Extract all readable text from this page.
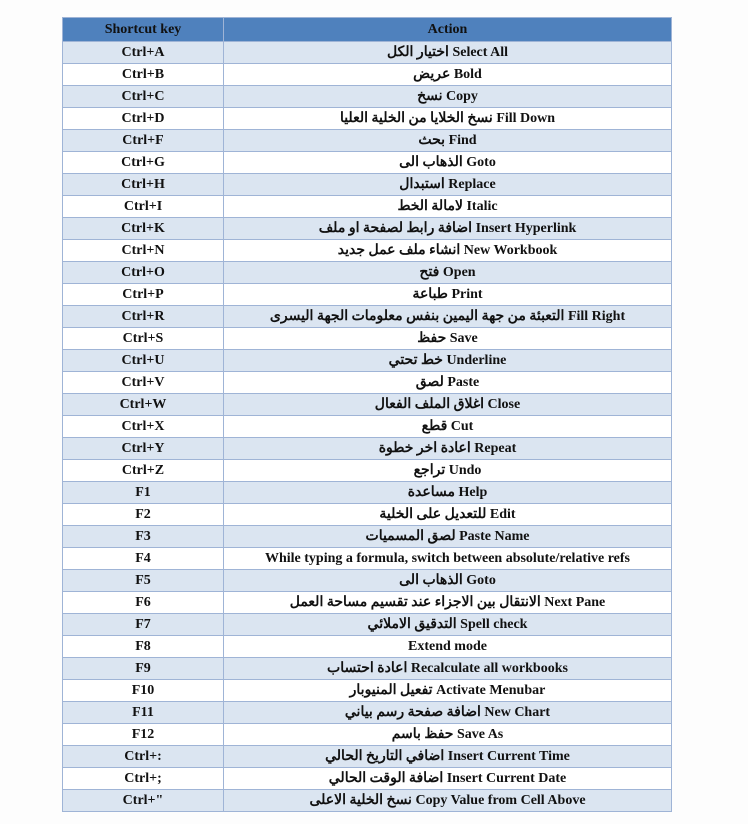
Shortcut key	Action
Ctrl+A	اختيار الكل Select All
Ctrl+B	عريض Bold
Ctrl+C	نسخ Copy
Ctrl+D	نسخ الخلايا من الخلية العليا Fill Down
Ctrl+F	بحث Find
Ctrl+G	الذهاب الى Goto
Ctrl+H	استبدال Replace
Ctrl+I	لامالة الخط Italic
Ctrl+K	اضافة رابط لصفحة او ملف Insert Hyperlink
Ctrl+N	انشاء ملف عمل جديد New Workbook
Ctrl+O	فتح Open
Ctrl+P	طباعة Print
Ctrl+R	التعبئة من جهة اليمين بنفس معلومات الجهة اليسرى Fill Right
Ctrl+S	حفظ Save
Ctrl+U	خط تحتي Underline
Ctrl+V	لصق Paste
Ctrl+W	اغلاق الملف الفعال Close
Ctrl+X	قطع Cut
Ctrl+Y	اعادة اخر خطوة Repeat
Ctrl+Z	تراجع Undo
F1	مساعدة Help
F2	للتعديل على الخلية Edit
F3	لصق المسميات Paste Name
F4	While typing a formula, switch between absolute/relative refs
F5	الذهاب الى Goto
F6	الانتقال بين الاجزاء عند تقسيم مساحة العمل Next Pane
F7	التدقيق الاملائي Spell check
F8	Extend mode
F9	اعادة احتساب Recalculate all workbooks
F10	تفعيل المنيوبار Activate Menubar
F11	اضافة صفحة رسم بياني New Chart
F12	حفظ باسم Save As
Ctrl+:	اضافي التاريخ الحالي Insert Current Time
Ctrl+;	اضافة الوقت الحالي Insert Current Date
Ctrl+"	نسخ الخلية الاعلى Copy Value from Cell Above
